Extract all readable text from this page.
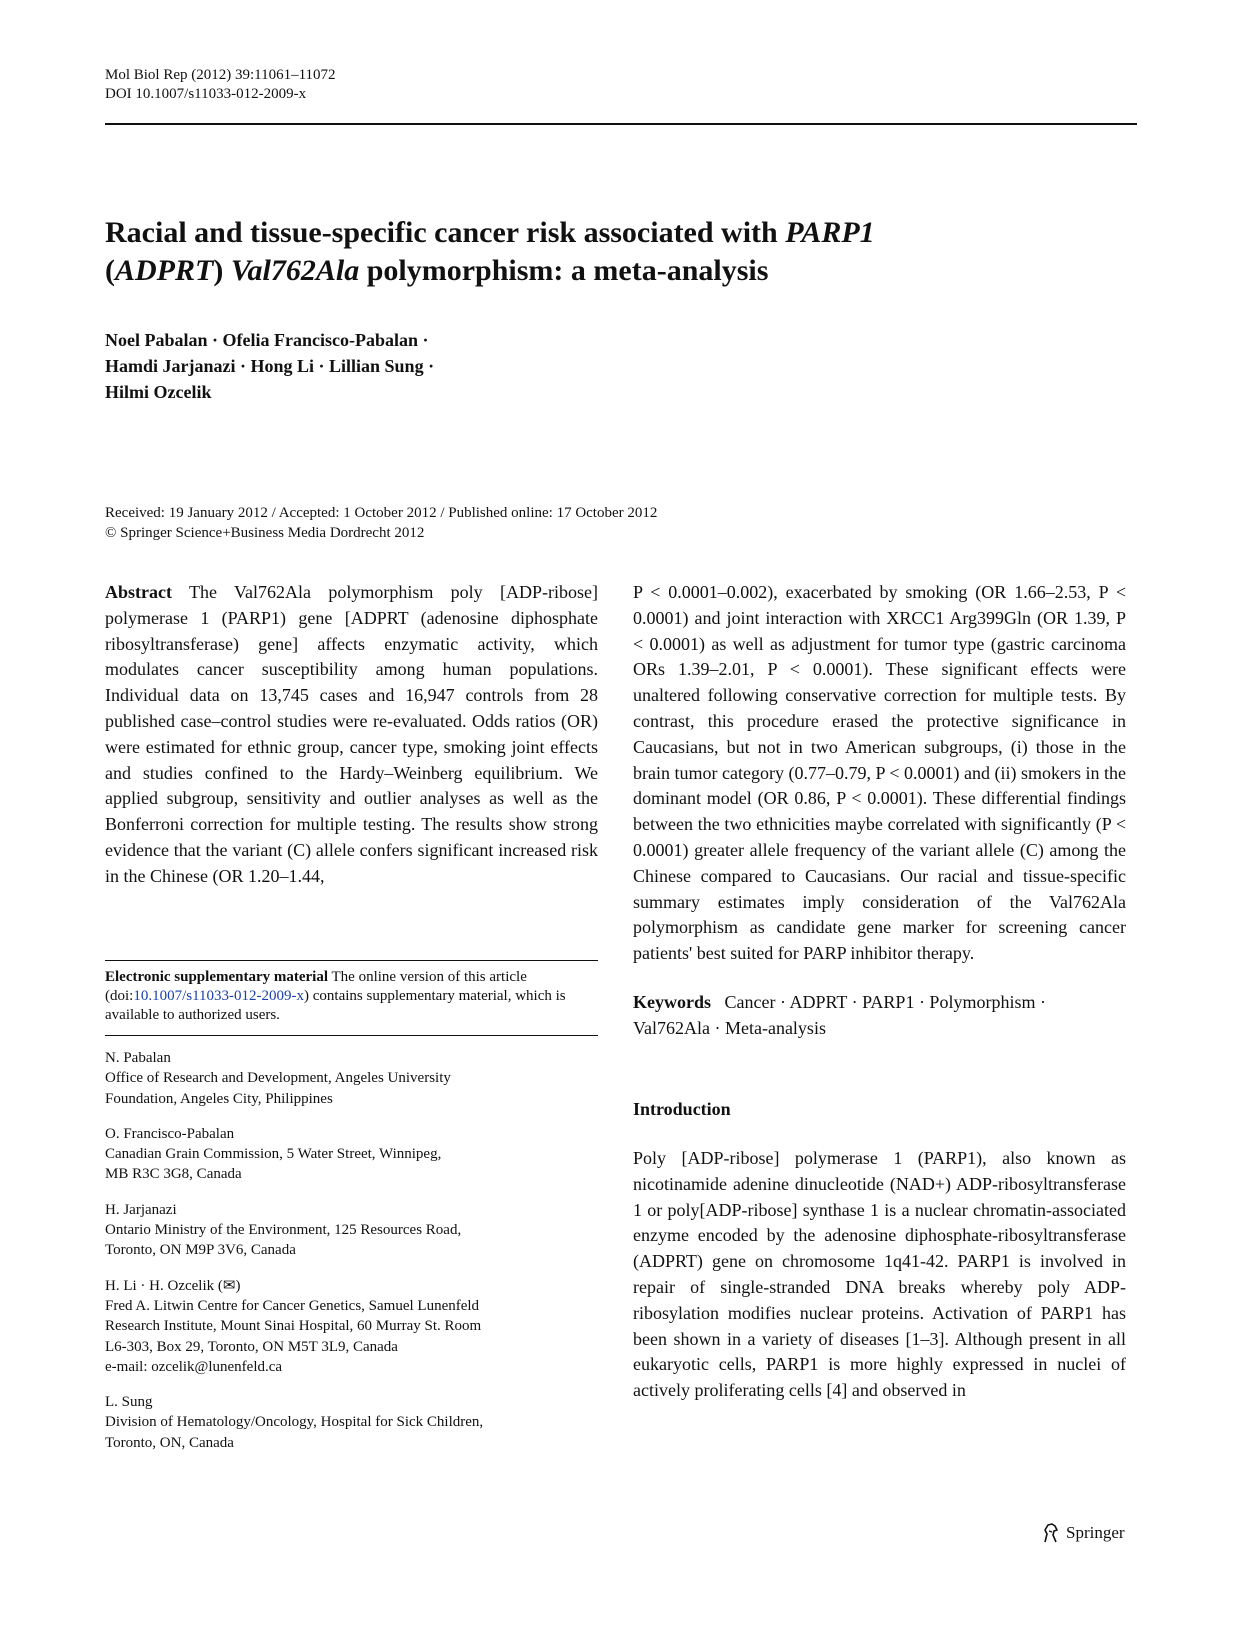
Mol Biol Rep (2012) 39:11061–11072
DOI 10.1007/s11033-012-2009-x
Racial and tissue-specific cancer risk associated with PARP1
(ADPRT) Val762Ala polymorphism: a meta-analysis
Noel Pabalan · Ofelia Francisco-Pabalan ·
Hamdi Jarjanazi · Hong Li · Lillian Sung ·
Hilmi Ozcelik
Received: 19 January 2012 / Accepted: 1 October 2012 / Published online: 17 October 2012
© Springer Science+Business Media Dordrecht 2012

Abstract The Val762Ala polymorphism poly [ADP-ribose] polymerase 1 (PARP1) gene [ADPRT (adenosine diphosphate ribosyltransferase) gene] affects enzymatic activity, which modulates cancer susceptibility among human populations. Individual data on 13,745 cases and 16,947 controls from 28 published case–control studies were re-evaluated. Odds ratios (OR) were estimated for ethnic group, cancer type, smoking joint effects and studies confined to the Hardy–Weinberg equilibrium. We applied subgroup, sensitivity and outlier analyses as well as the Bonferroni correction for multiple testing. The results show strong evidence that the variant (C) allele confers significant increased risk in the Chinese (OR 1.20–1.44,

Electronic supplementary material The online version of this article (doi:10.1007/s11033-012-2009-x) contains supplementary material, which is available to authorized users.
N. Pabalan
Office of Research and Development, Angeles University
Foundation, Angeles City, Philippines
O. Francisco-Pabalan
Canadian Grain Commission, 5 Water Street, Winnipeg,
MB R3C 3G8, Canada
H. Jarjanazi
Ontario Ministry of the Environment, 125 Resources Road,
Toronto, ON M9P 3V6, Canada
H. Li · H. Ozcelik (✉)
Fred A. Litwin Centre for Cancer Genetics, Samuel Lunenfeld
Research Institute, Mount Sinai Hospital, 60 Murray St. Room
L6-303, Box 29, Toronto, ON M5T 3L9, Canada
e-mail: ozcelik@lunenfeld.ca
L. Sung
Division of Hematology/Oncology, Hospital for Sick Children,
Toronto, ON, Canada

P < 0.0001–0.002), exacerbated by smoking (OR 1.66–2.53, P < 0.0001) and joint interaction with XRCC1 Arg399Gln (OR 1.39, P < 0.0001) as well as adjustment for tumor type (gastric carcinoma ORs 1.39–2.01, P < 0.0001). These significant effects were unaltered following conservative correction for multiple tests. By contrast, this procedure erased the protective significance in Caucasians, but not in two American subgroups, (i) those in the brain tumor category (0.77–0.79, P < 0.0001) and (ii) smokers in the dominant model (OR 0.86, P < 0.0001). These differential findings between the two ethnicities maybe correlated with significantly (P < 0.0001) greater allele frequency of the variant allele (C) among the Chinese compared to Caucasians. Our racial and tissue-specific summary estimates imply consideration of the Val762Ala polymorphism as candidate gene marker for screening cancer patients' best suited for PARP inhibitor therapy.

Keywords Cancer · ADPRT · PARP1 · Polymorphism · Val762Ala · Meta-analysis
Introduction

Poly [ADP-ribose] polymerase 1 (PARP1), also known as nicotinamide adenine dinucleotide (NAD+) ADP-ribosyltransferase 1 or poly[ADP-ribose] synthase 1 is a nuclear chromatin-associated enzyme encoded by the adenosine diphosphate-ribosyltransferase (ADPRT) gene on chromosome 1q41-42. PARP1 is involved in repair of single-stranded DNA breaks whereby poly ADP-ribosylation modifies nuclear proteins. Activation of PARP1 has been shown in a variety of diseases [1–3]. Although present in all eukaryotic cells, PARP1 is more highly expressed in nuclei of actively proliferating cells [4] and observed in

Springer
